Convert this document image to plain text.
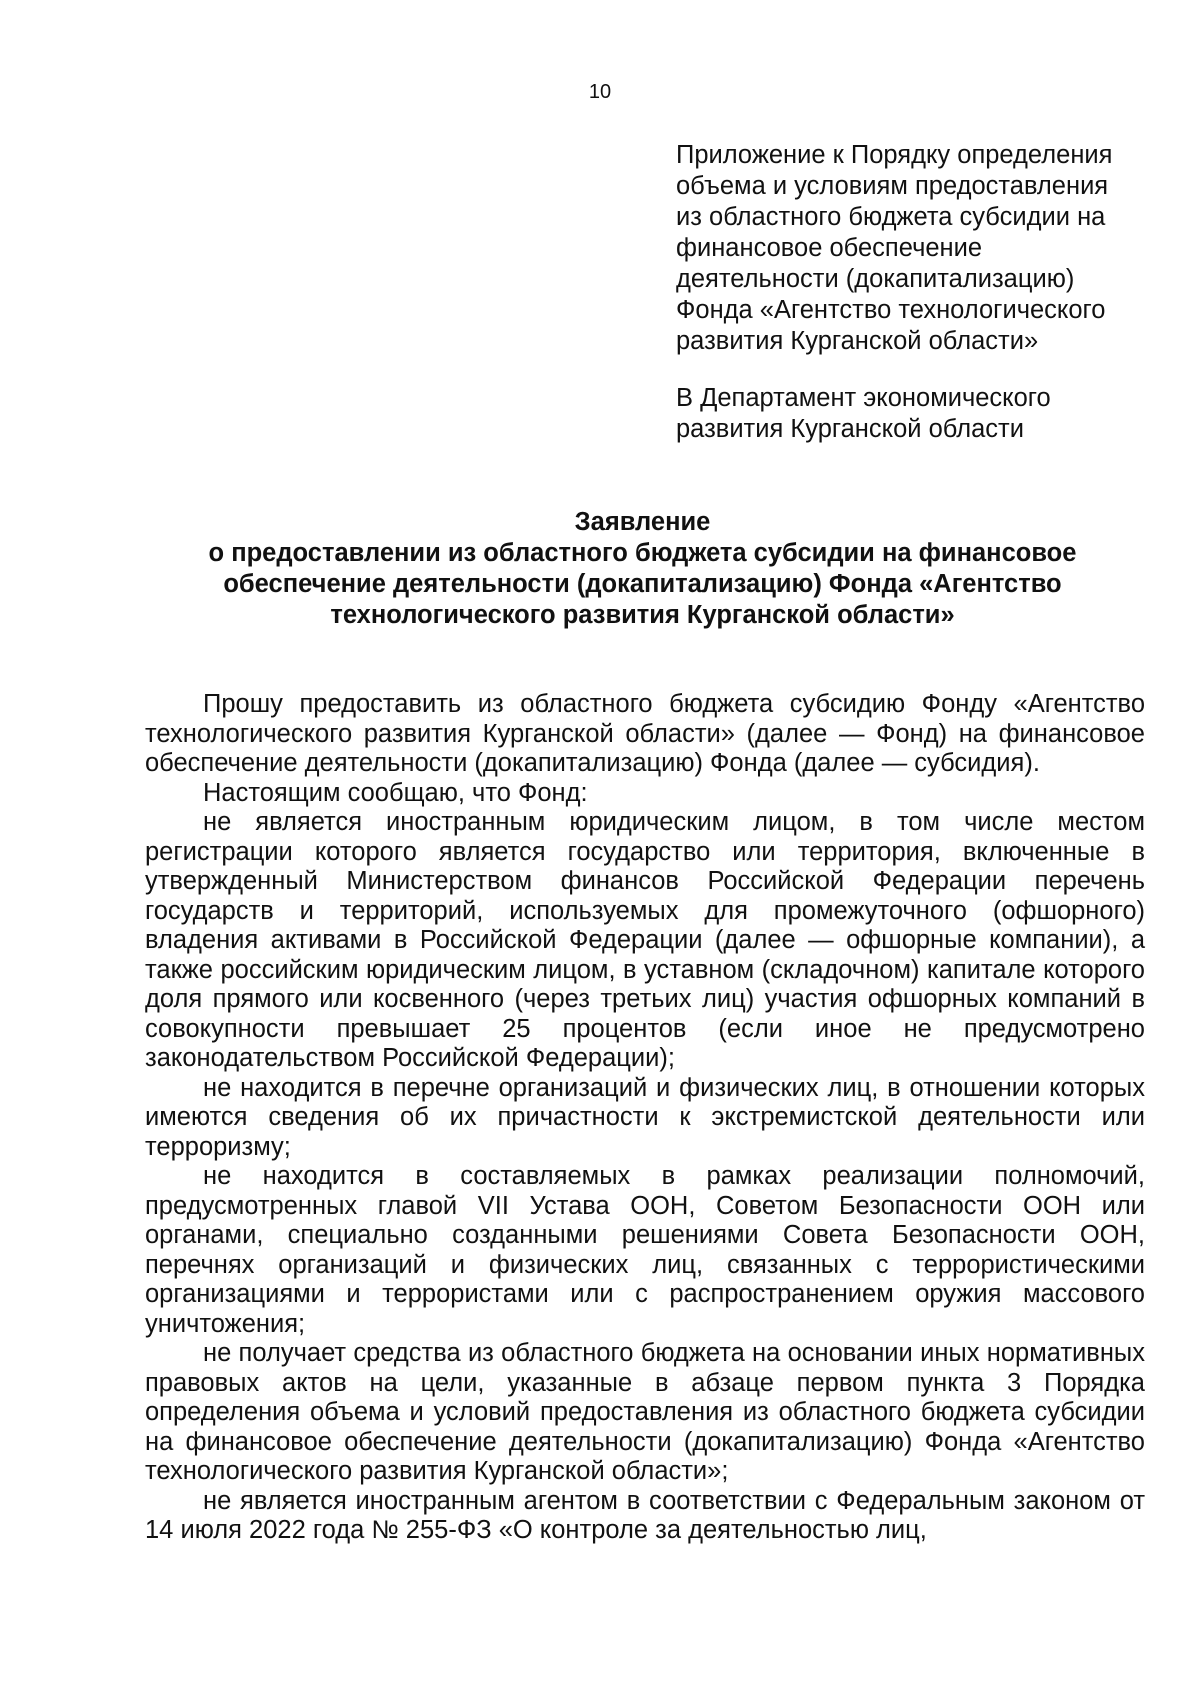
10
Приложение к Порядку определения
объема и условиям предоставления
из областного бюджета субсидии на
финансовое обеспечение
деятельности (докапитализацию)
Фонда «Агентство технологического
развития Курганской области»
В Департамент экономического
развития Курганской области
Заявление
о предоставлении из областного бюджета субсидии на финансовое
обеспечение деятельности (докапитализацию) Фонда «Агентство
технологического развития Курганской области»

Прошу предоставить из областного бюджета субсидию Фонду «Агентство технологического развития Курганской области» (далее — Фонд) на финансовое обеспечение деятельности (докапитализацию) Фонда (далее — субсидия).

Настоящим сообщаю, что Фонд:

не является иностранным юридическим лицом, в том числе местом регистрации которого является государство или территория, включенные в утвержденный Министерством финансов Российской Федерации перечень государств и территорий, используемых для промежуточного (офшорного) владения активами в Российской Федерации (далее — офшорные компании), а также российским юридическим лицом, в уставном (складочном) капитале которого доля прямого или косвенного (через третьих лиц) участия офшорных компаний в совокупности превышает 25 процентов (если иное не предусмотрено законодательством Российской Федерации);

не находится в перечне организаций и физических лиц, в отношении которых имеются сведения об их причастности к экстремистской деятельности или терроризму;

не находится в составляемых в рамках реализации полномочий, предусмотренных главой VII Устава ООН, Советом Безопасности ООН или органами, специально созданными решениями Совета Безопасности ООН, перечнях организаций и физических лиц, связанных с террористическими организациями и террористами или с распространением оружия массового уничтожения;

не получает средства из областного бюджета на основании иных нормативных правовых актов на цели, указанные в абзаце первом пункта 3 Порядка определения объема и условий предоставления из областного бюджета субсидии на финансовое обеспечение деятельности (докапитализацию) Фонда «Агентство технологического развития Курганской области»;

не является иностранным агентом в соответствии с Федеральным законом от 14 июля 2022 года № 255-ФЗ «О контроле за деятельностью лиц,
